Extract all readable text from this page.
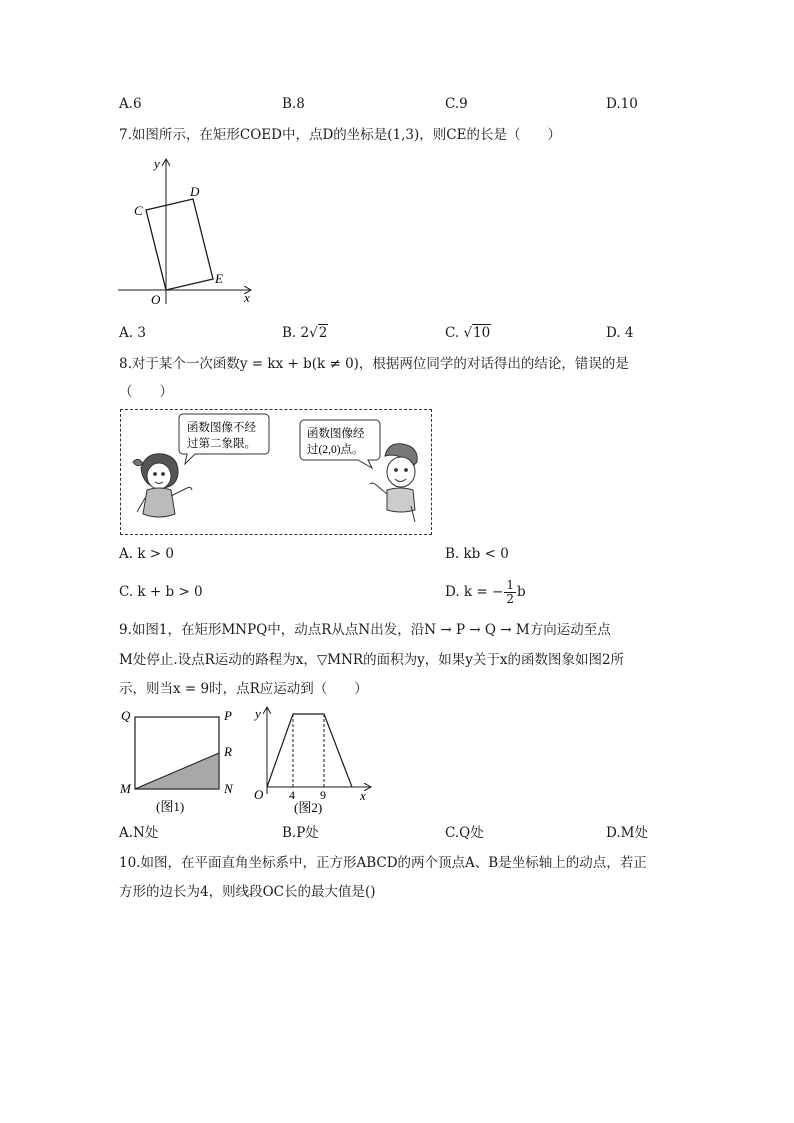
A.6	B.8	C.9	D.10
7.如图所示，在矩形COED中，点D的坐标是(1,3)，则CE的长是（　　）
y
x
C
D
E
O
A. 3	B. 2√2	C. √10	D. 4
8.对于某个一次函数y = kx + b(k ≠ 0)，根据两位同学的对话得出的结论，错误的是
（　　）
函数图像不经
过第二象限。
函数图像经
过(2,0)点。
A. k > 0	B. kb < 0
C. k + b > 0	D. k = − $\frac{1}{2}$ b
9.如图1，在矩形MNPQ中，动点R从点N出发，沿N → P → Q → M方向运动至点
M处停止.设点R运动的路程为x，▽MNR的面积为y，如果y关于x的函数图象如图2所
示，则当x = 9时，点R应运动到（　　）
Q	P
R
M	N
(图1)
y
x
O 4 9
(图2)
A.N处	B.P处	C.Q处	D.M处
10.如图，在平面直角坐标系中，正方形ABCD的两个顶点A、B是坐标轴上的动点，若正
方形的边长为4，则线段OC长的最大值是()
